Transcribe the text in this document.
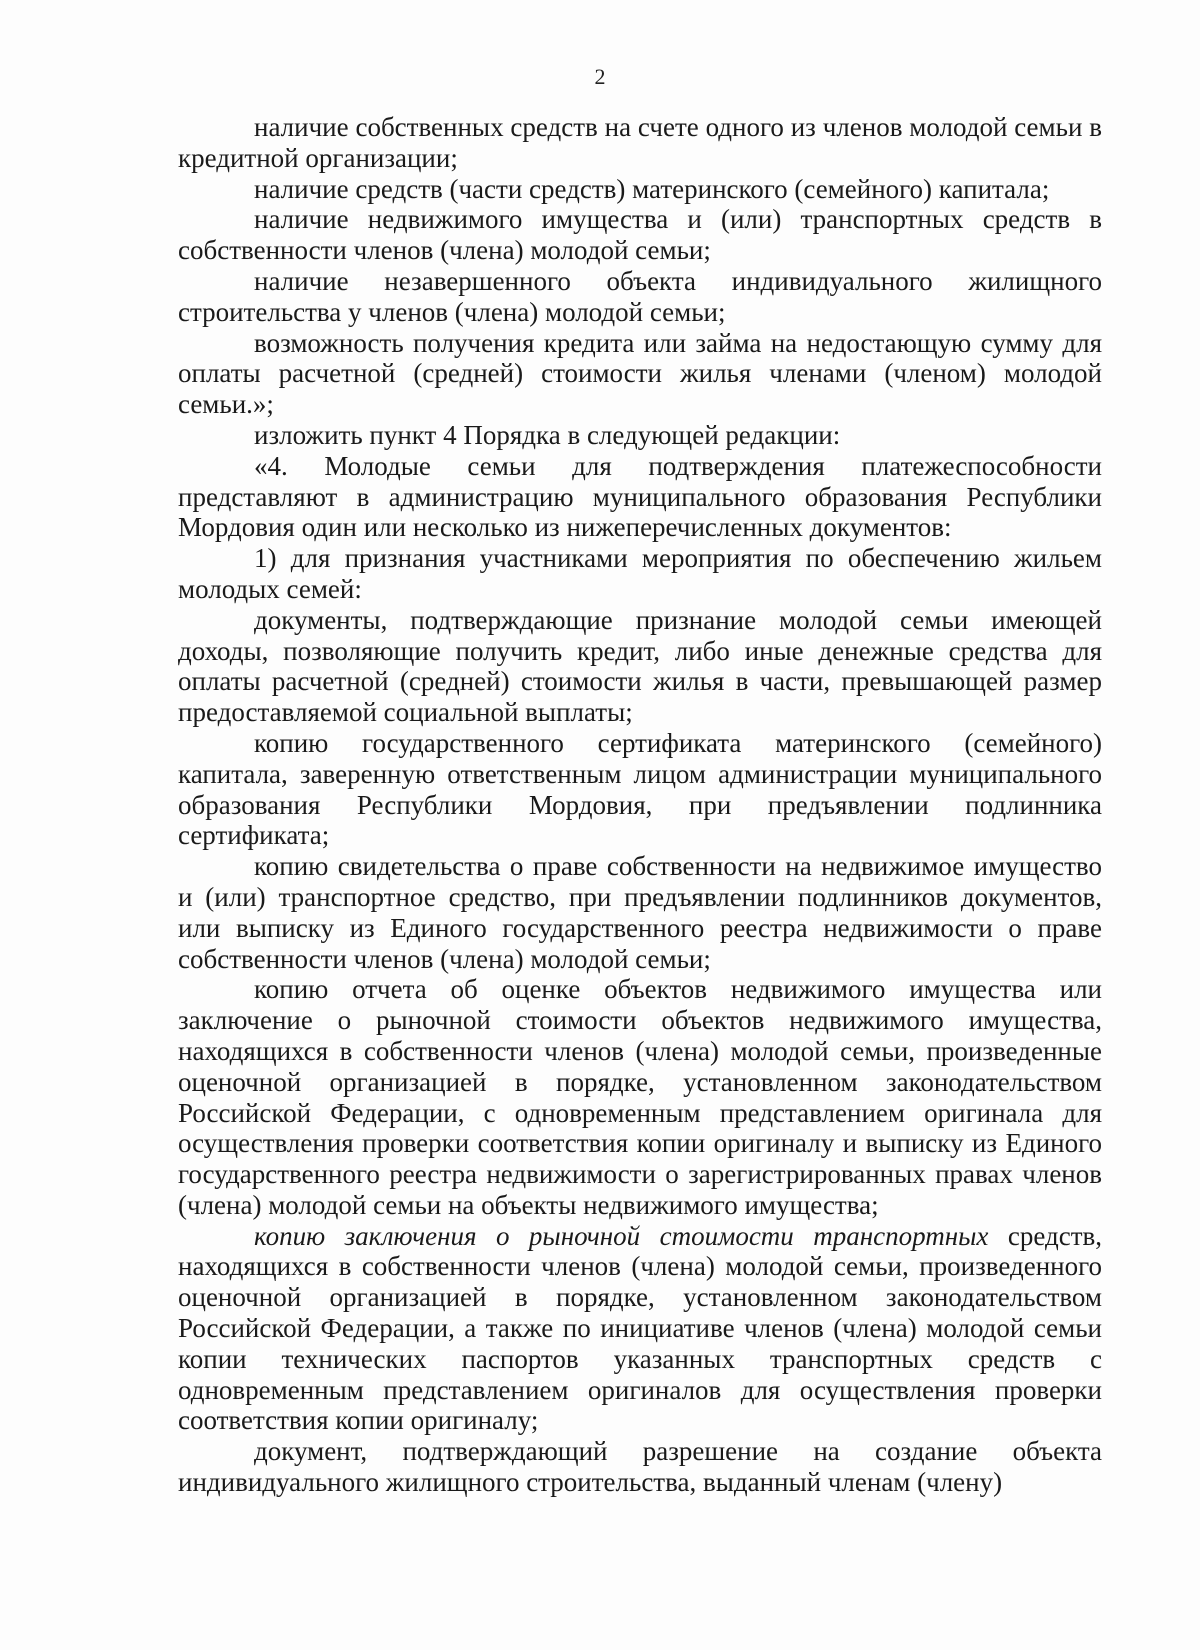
2

наличие собственных средств на счете одного из членов молодой семьи в кредитной организации;

наличие средств (части средств) материнского (семейного) капитала;

наличие недвижимого имущества и (или) транспортных средств в собственности членов (члена) молодой семьи;

наличие незавершенного объекта индивидуального жилищного строительства у членов (члена) молодой семьи;

возможность получения кредита или займа на недостающую сумму для оплаты расчетной (средней) стоимости жилья членами (членом) молодой семьи.»;

изложить пункт 4 Порядка в следующей редакции:

«4. Молодые семьи для подтверждения платежеспособности представляют в администрацию муниципального образования Республики Мордовия один или несколько из нижеперечисленных документов:

1) для признания участниками мероприятия по обеспечению жильем молодых семей:

документы, подтверждающие признание молодой семьи имеющей доходы, позволяющие получить кредит, либо иные денежные средства для оплаты расчетной (средней) стоимости жилья в части, превышающей размер предоставляемой социальной выплаты;

копию государственного сертификата материнского (семейного) капитала, заверенную ответственным лицом администрации муниципального образования Республики Мордовия, при предъявлении подлинника сертификата;

копию свидетельства о праве собственности на недвижимое имущество и (или) транспортное средство, при предъявлении подлинников документов, или выписку из Единого государственного реестра недвижимости о праве собственности членов (члена) молодой семьи;

копию отчета об оценке объектов недвижимого имущества или заключение о рыночной стоимости объектов недвижимого имущества, находящихся в собственности членов (члена) молодой семьи, произведенные оценочной организацией в порядке, установленном законодательством Российской Федерации, с одновременным представлением оригинала для осуществления проверки соответствия копии оригиналу и выписку из Единого государственного реестра недвижимости о зарегистрированных правах членов (члена) молодой семьи на объекты недвижимого имущества;

копию заключения о рыночной стоимости транспортных средств, находящихся в собственности членов (члена) молодой семьи, произведенного оценочной организацией в порядке, установленном законодательством Российской Федерации, а также по инициативе членов (члена) молодой семьи копии технических паспортов указанных транспортных средств с одновременным представлением оригиналов для осуществления проверки соответствия копии оригиналу;

документ, подтверждающий разрешение на создание объекта индивидуального жилищного строительства, выданный членам (члену)
